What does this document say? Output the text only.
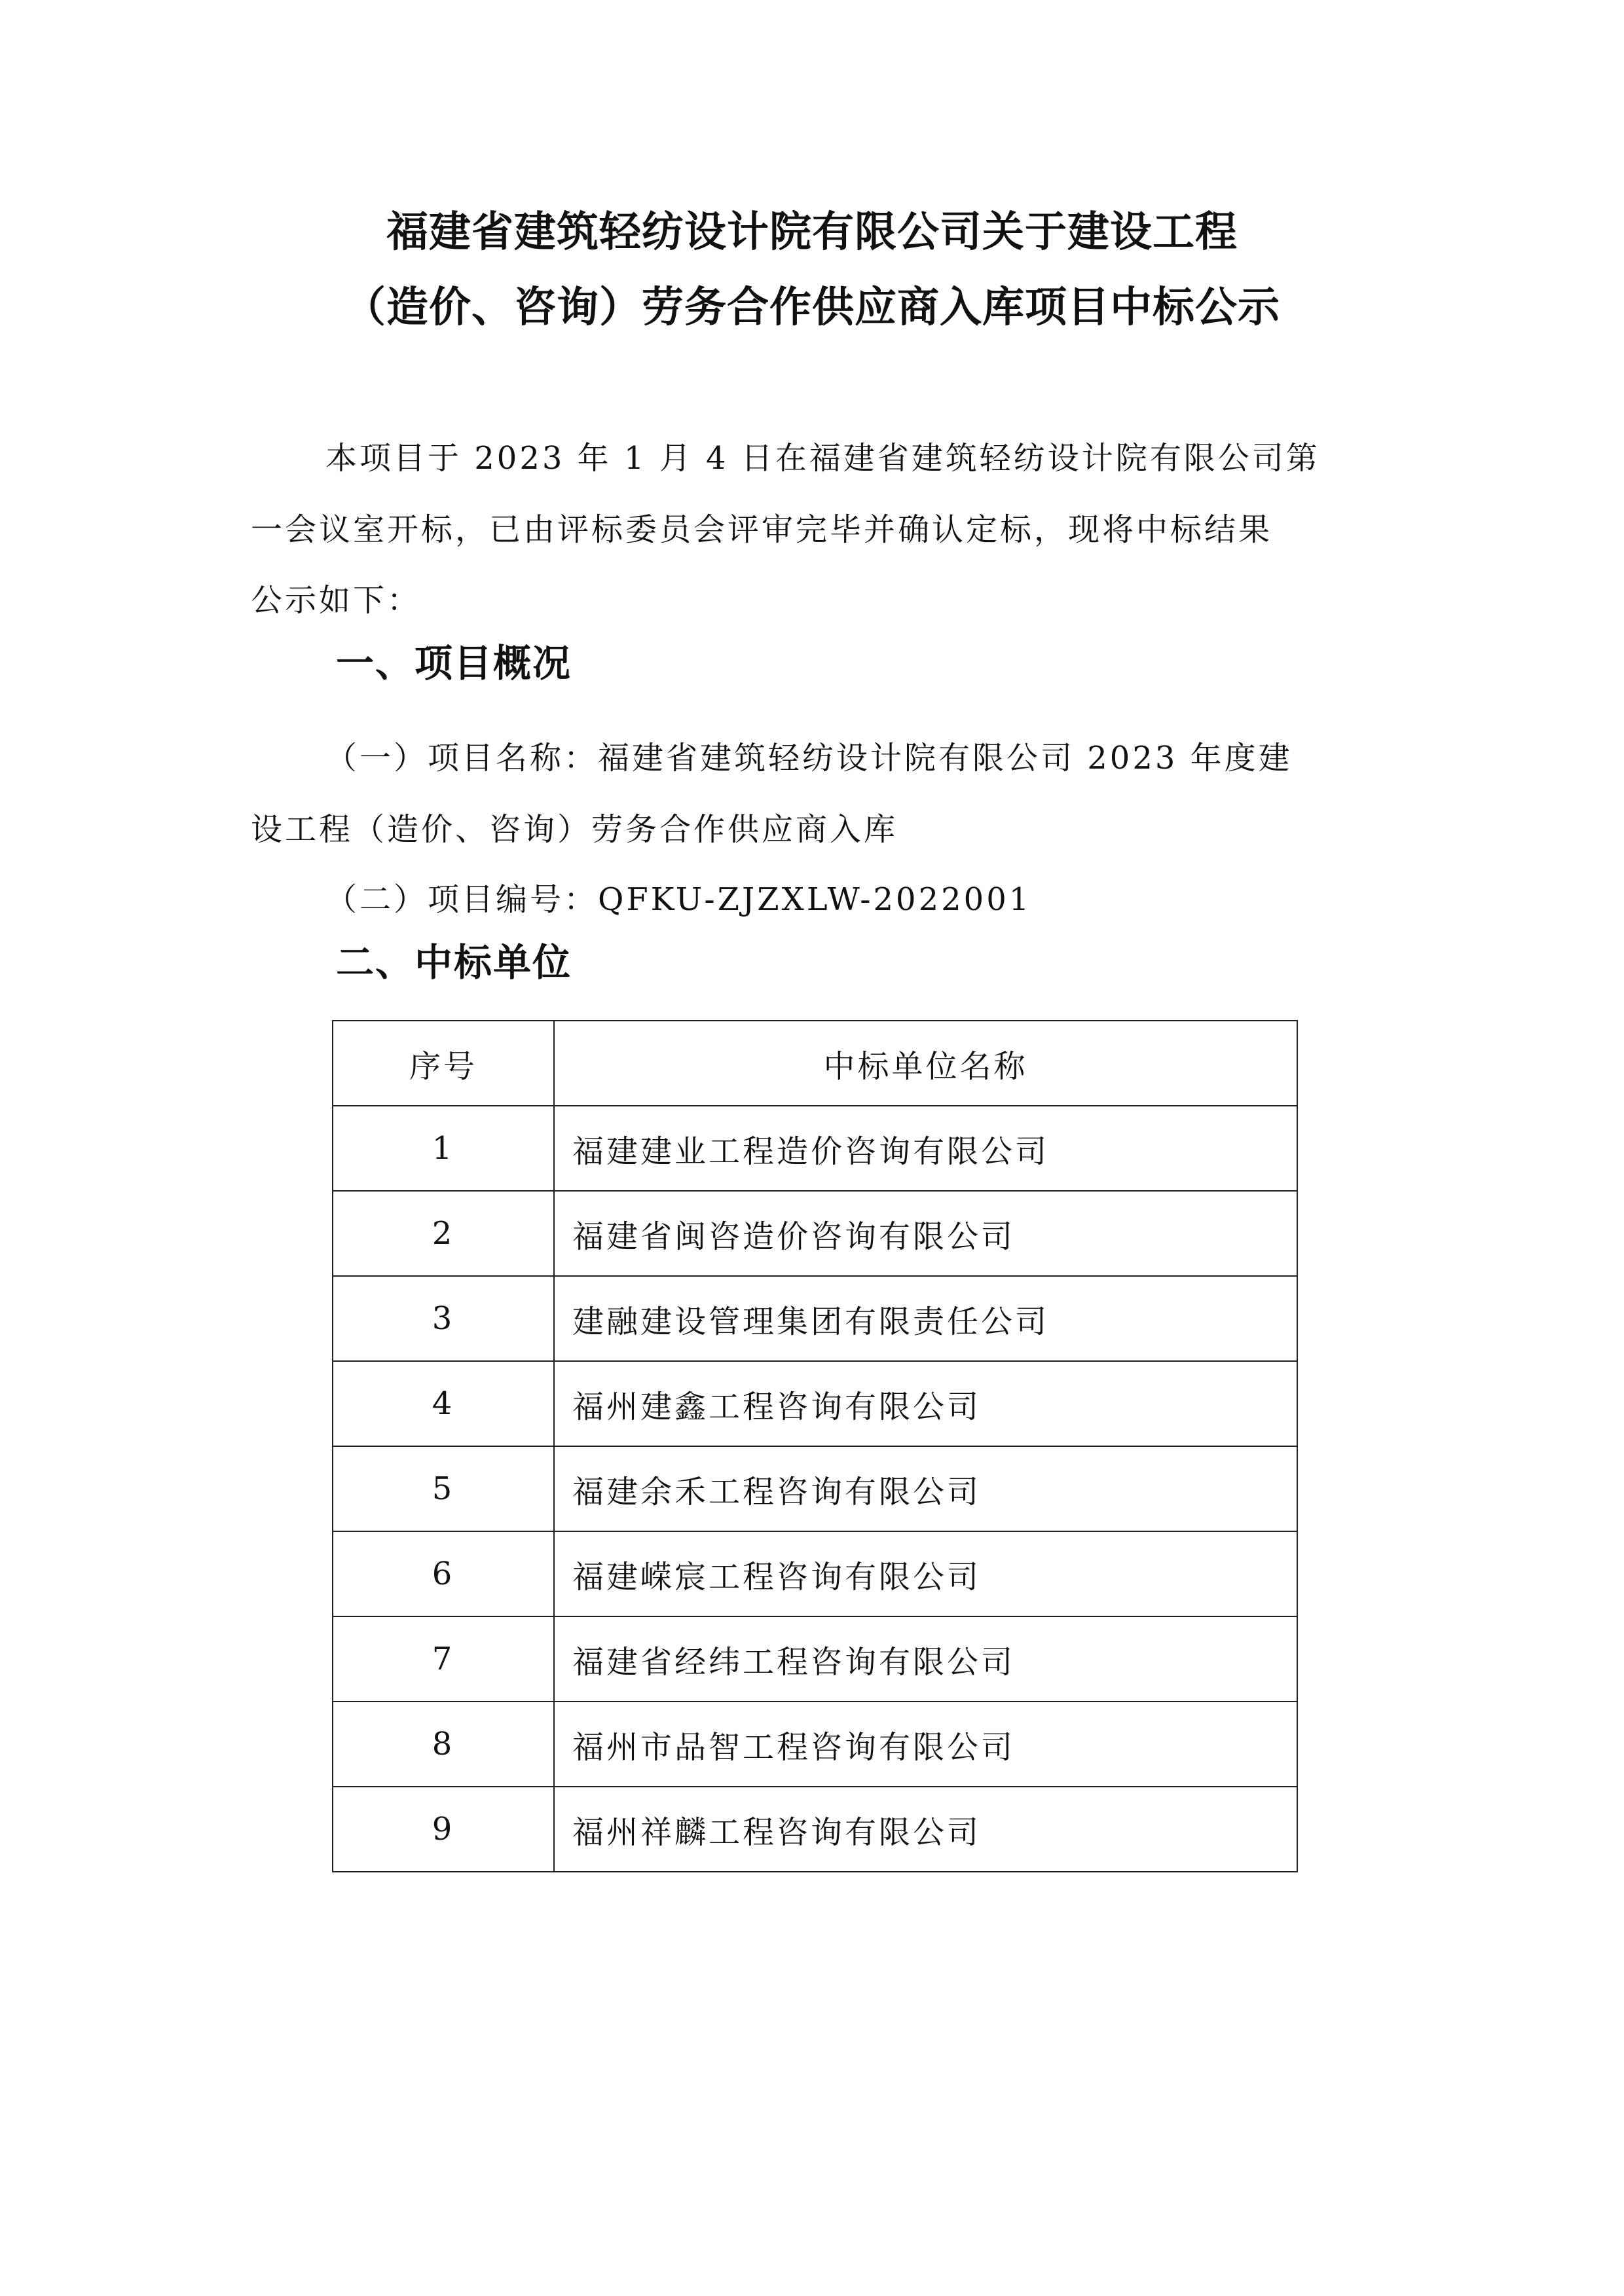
福建省建筑轻纺设计院有限公司关于建设工程
（造价、咨询）劳务合作供应商入库项目中标公示
本项目于 2023 年 1 月 4 日在福建省建筑轻纺设计院有限公司第
一会议室开标，已由评标委员会评审完毕并确认定标，现将中标结果
公示如下：
一、项目概况
（一）项目名称：福建省建筑轻纺设计院有限公司 2023 年度建
设工程（造价、咨询）劳务合作供应商入库
（二）项目编号：QFKU-ZJZXLW-2022001
二、中标单位
序号	中标单位名称
1	福建建业工程造价咨询有限公司
2	福建省闽咨造价咨询有限公司
3	建融建设管理集团有限责任公司
4	福州建鑫工程咨询有限公司
5	福建余禾工程咨询有限公司
6	福建嵘宸工程咨询有限公司
7	福建省经纬工程咨询有限公司
8	福州市品智工程咨询有限公司
9	福州祥麟工程咨询有限公司
